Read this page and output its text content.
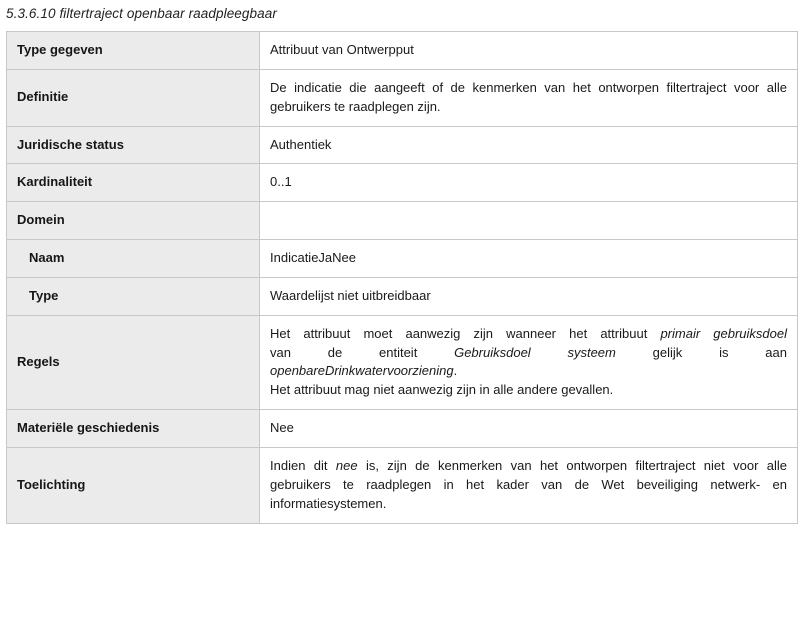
5.3.6.10 filtertraject openbaar raadpleegbaar
Type gegeven	Attribuut van Ontwerpput
Definitie	De indicatie die aangeeft of de kenmerken van het ontworpen filtertraject voor alle gebruikers te raadplegen zijn.
Juridische status	Authentiek
Kardinaliteit	0..1
Domein	
Naam	IndicatieJaNee
Type	Waardelijst niet uitbreidbaar
Regels	Het attribuut moet aanwezig zijn wanneer het attribuut primair gebruiksdoel

van de entiteit Gebruiksdoel systeem gelijk is aan

openbareDrinkwatervoorziening.

Het attribuut mag niet aanwezig zijn in alle andere gevallen.

Materiële geschiedenis	Nee
Toelichting	Indien dit nee is, zijn de kenmerken van het ontworpen filtertraject niet voor alle gebruikers te raadplegen in het kader van de Wet beveiliging netwerk- en informatiesystemen.
